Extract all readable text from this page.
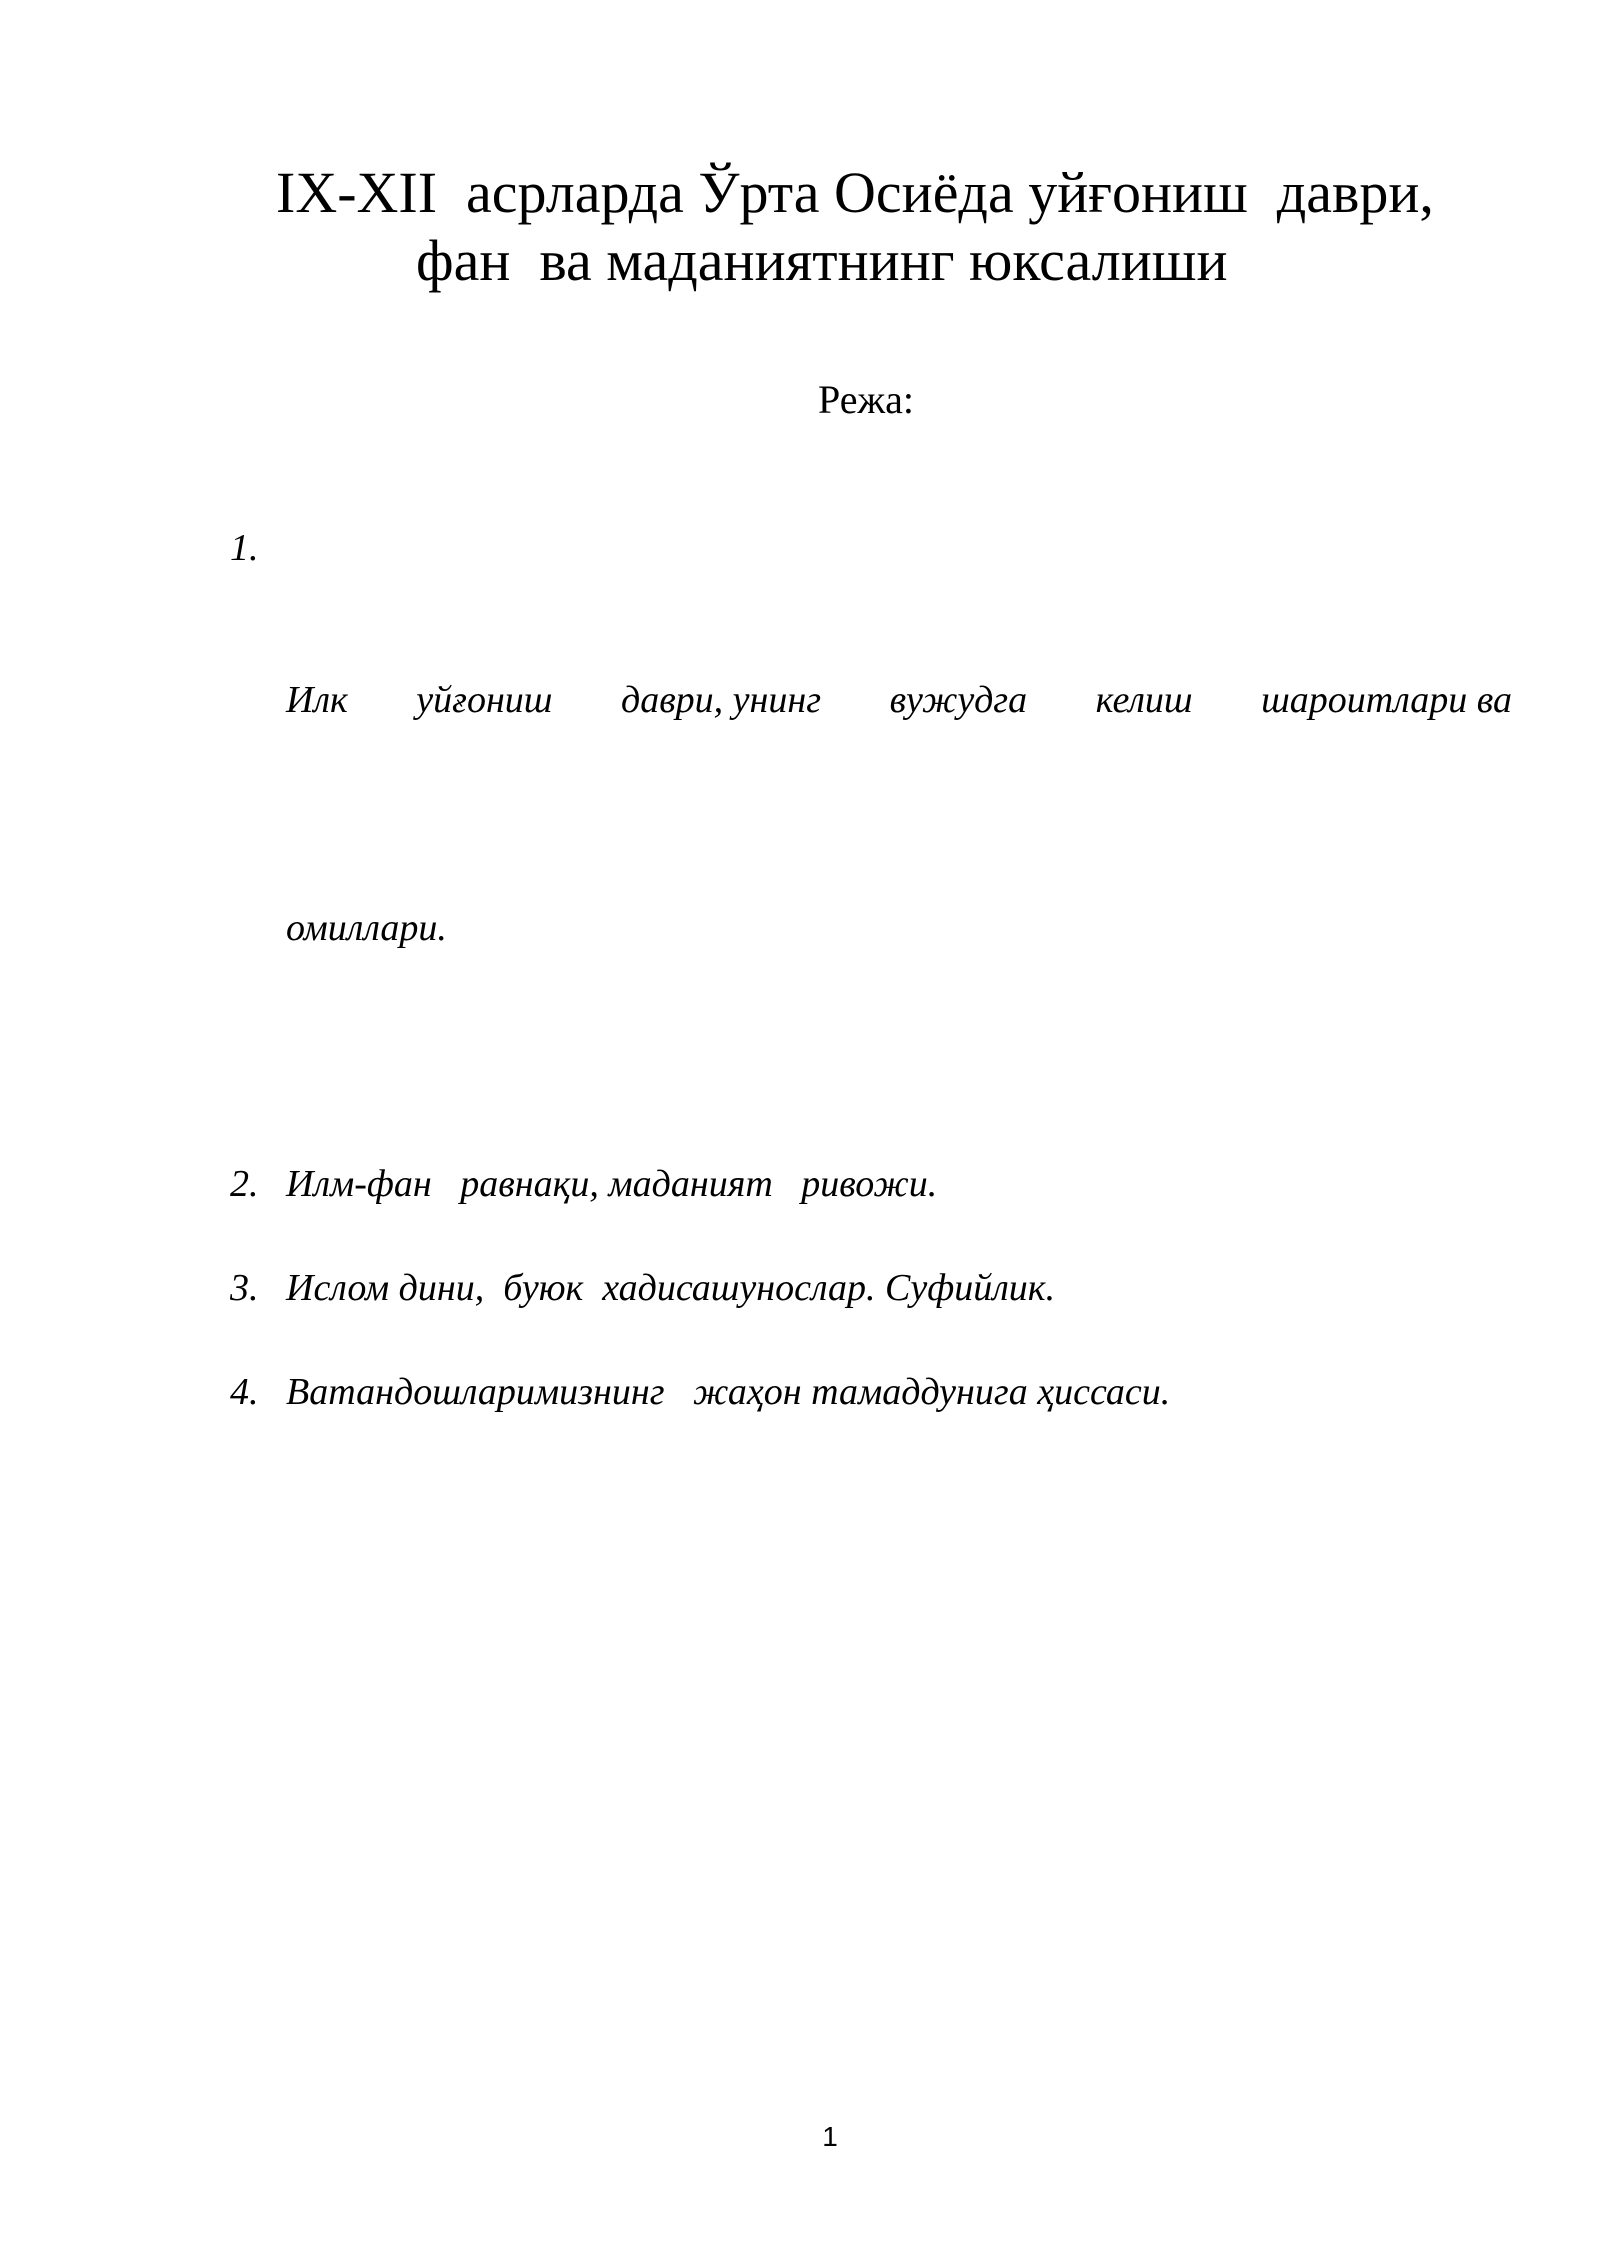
IX-XII  асрларда Ўрта Осиёда уйғониш  даври,
фан  ва маданиятнинг юксалиши
Режа:
1.

Илк уйғониш даври, унинг вужудга келиш шароитлари ва

омиллари.

2. Илм-фан   равнақи, маданият   ривожи.
3. Ислом дини,  буюк  хадисашунослар. Суфийлик.
4. Ватандошларимизнинг   жаҳон тамаддунига ҳиссаси.
1
